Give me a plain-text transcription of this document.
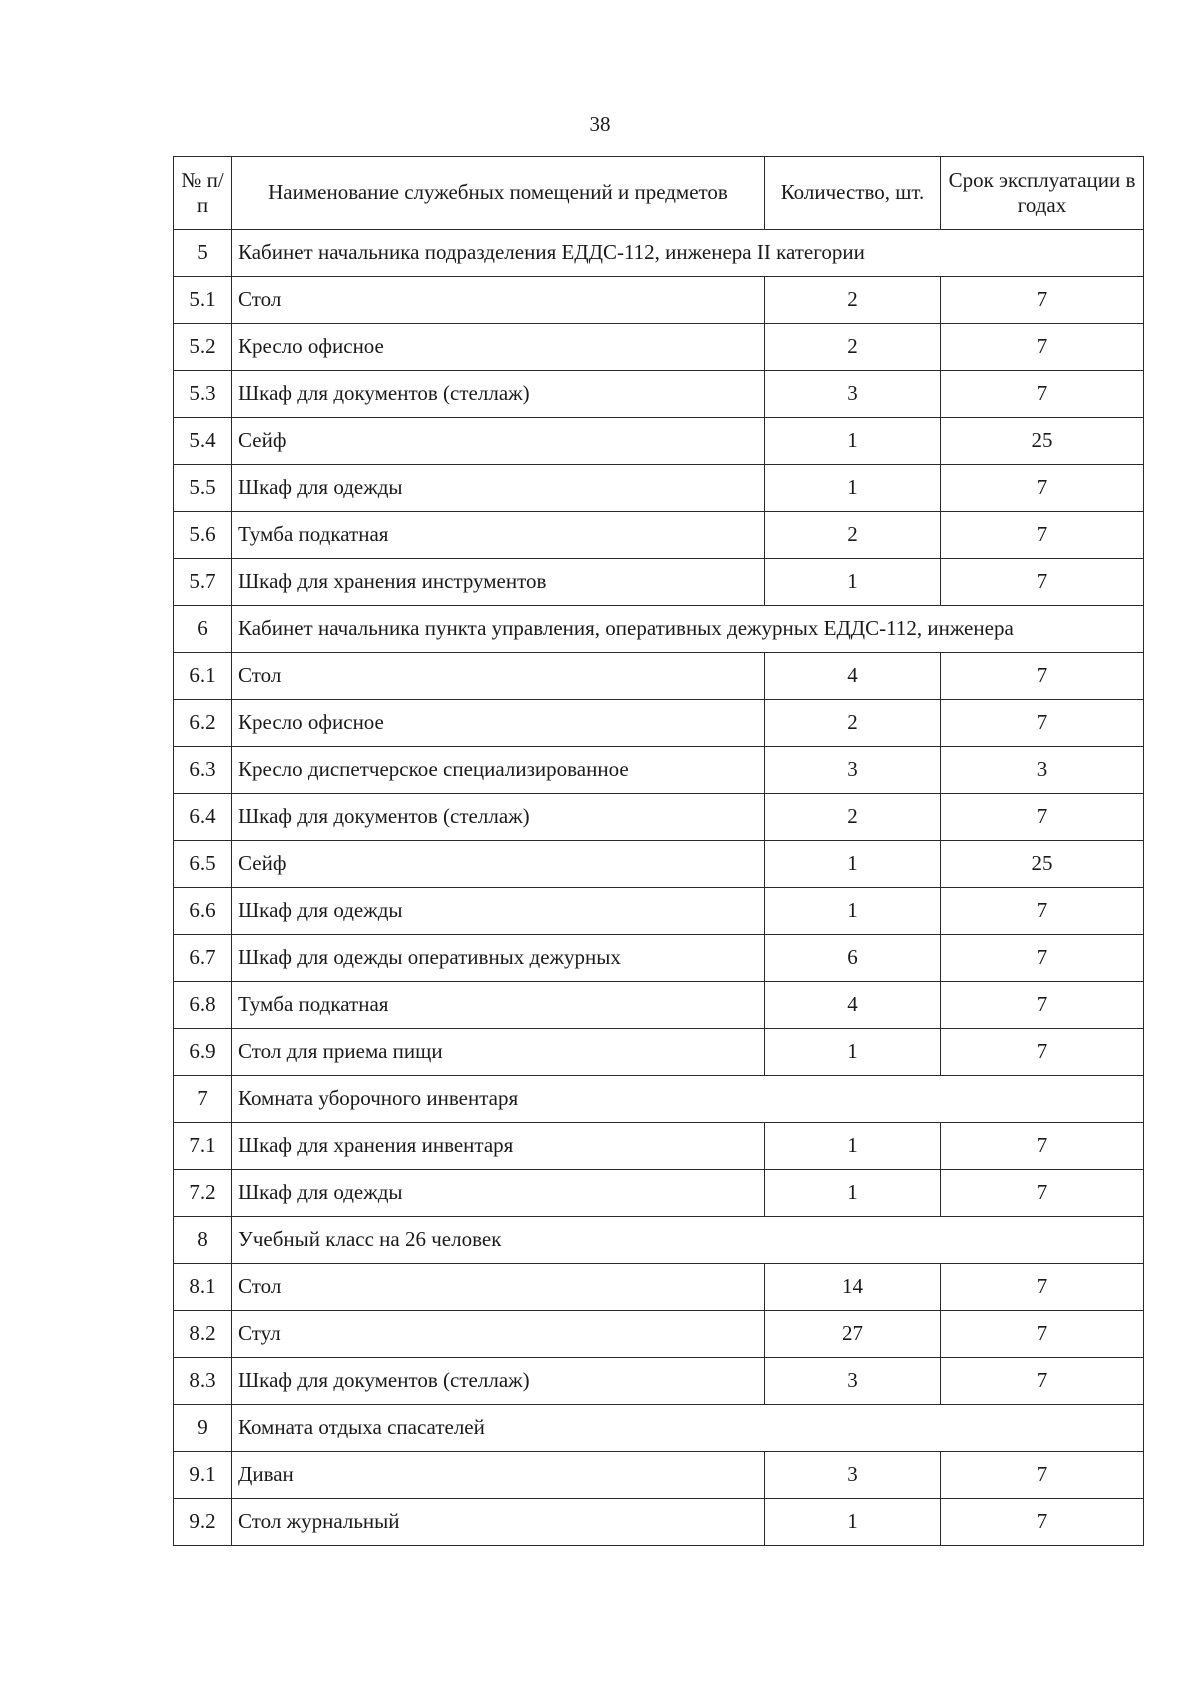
38
№ п/п	Наименование служебных помещений и предметов	Количество, шт.	Срок эксплуатации в годах
5	Кабинет начальника подразделения ЕДДС-112, инженера II категории		
5.1	Стол	2	7
5.2	Кресло офисное	2	7
5.3	Шкаф для документов (стеллаж)	3	7
5.4	Сейф	1	25
5.5	Шкаф для одежды	1	7
5.6	Тумба подкатная	2	7
5.7	Шкаф для хранения инструментов	1	7
6	Кабинет начальника пункта управления, оперативных дежурных ЕДДС-112, инженера		
6.1	Стол	4	7
6.2	Кресло офисное	2	7
6.3	Кресло диспетчерское специализированное	3	3
6.4	Шкаф для документов (стеллаж)	2	7
6.5	Сейф	1	25
6.6	Шкаф для одежды	1	7
6.7	Шкаф для одежды оперативных дежурных	6	7
6.8	Тумба подкатная	4	7
6.9	Стол для приема пищи	1	7
7	Комната уборочного инвентаря		
7.1	Шкаф для хранения инвентаря	1	7
7.2	Шкаф для одежды	1	7
8	Учебный класс на 26 человек		
8.1	Стол	14	7
8.2	Стул	27	7
8.3	Шкаф для документов (стеллаж)	3	7
9	Комната отдыха спасателей		
9.1	Диван	3	7
9.2	Стол журнальный	1	7
